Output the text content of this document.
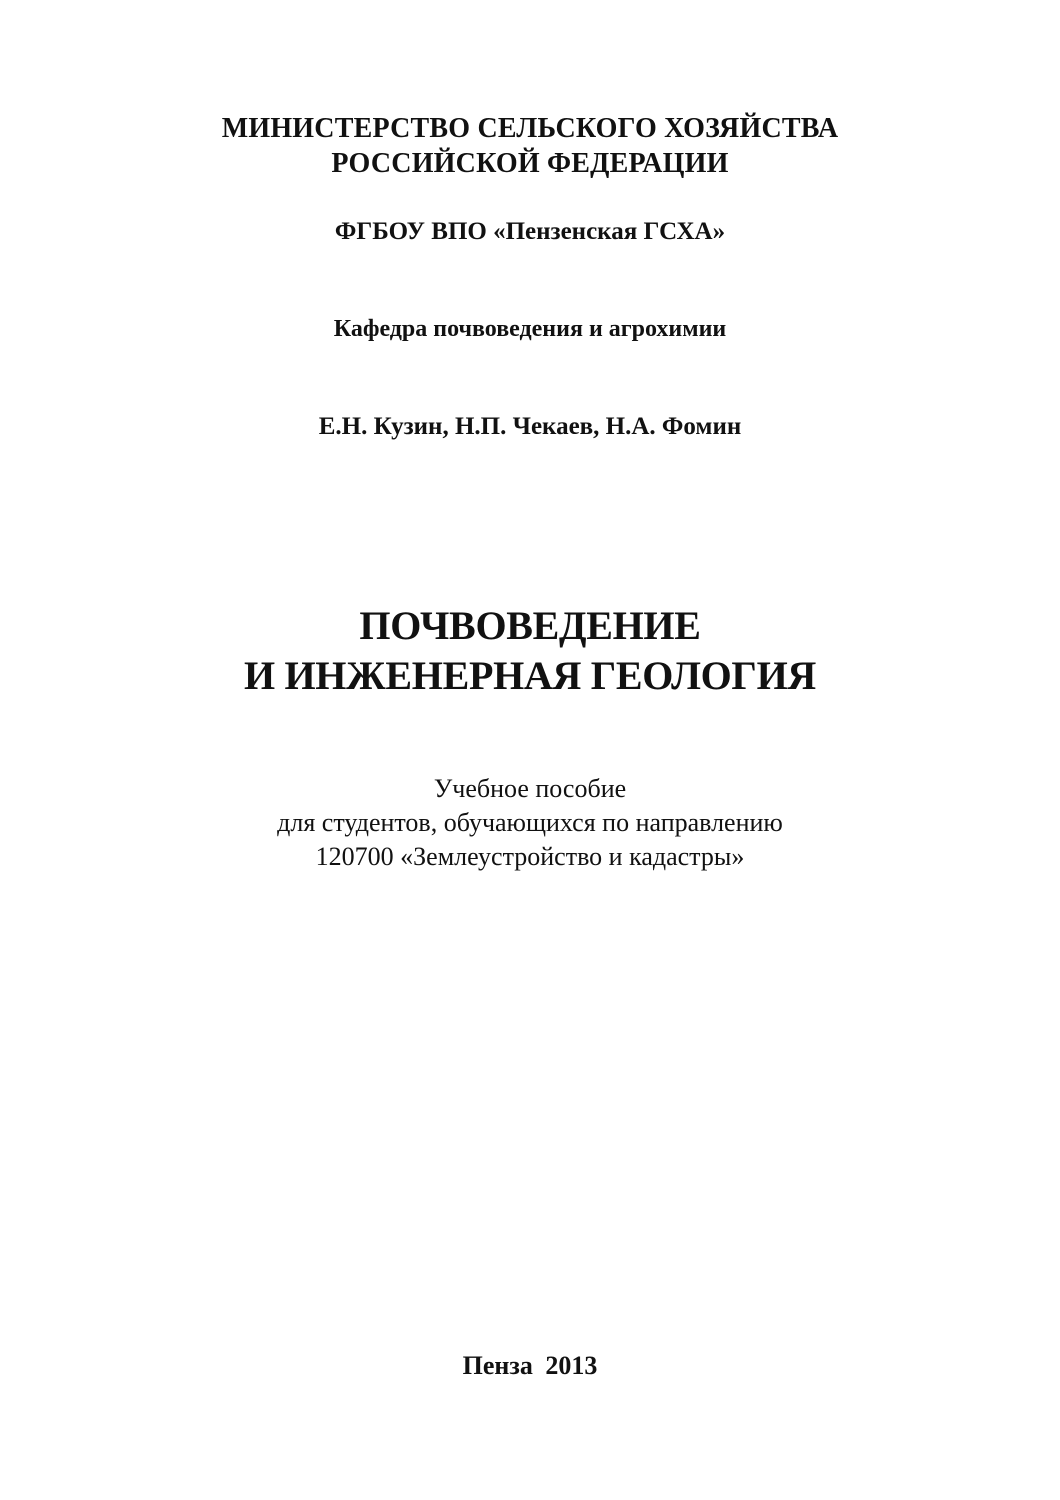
МИНИСТЕРСТВО СЕЛЬСКОГО ХОЗЯЙСТВА
РОССИЙСКОЙ ФЕДЕРАЦИИ
ФГБОУ ВПО «Пензенская ГСХА»
Кафедра почвоведения и агрохимии
Е.Н. Кузин, Н.П. Чекаев, Н.А. Фомин
ПОЧВОВЕДЕНИЕ
И ИНЖЕНЕРНАЯ ГЕОЛОГИЯ
Учебное пособие
для студентов, обучающихся по направлению
120700 «Землеустройство и кадастры»
Пенза 2013
